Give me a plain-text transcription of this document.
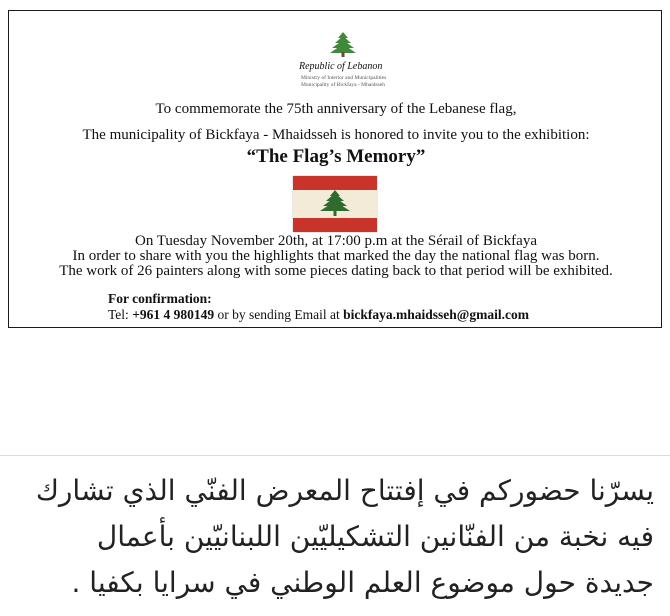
Republic of Lebanon
Ministry of Interior and Municipalities
Municipality of Bickfaya - Mhaidsseh

To commemorate the 75th anniversary of the Lebanese flag,

The municipality of Bickfaya - Mhaidsseh is honored to invite you to the exhibition:

“The Flag’s Memory”

On Tuesday November 20th, at 17:00 p.m at the Sérail of Bickfaya

In order to share with you the highlights that marked the day the national flag was born.

The work of 26 painters along with some pieces dating back to that period will be exhibited.

For confirmation:
Tel: +961 4 980149 or by sending Email at bickfaya.mhaidsseh@gmail.com

يسرّنا حضوركم في إفتتاح المعرض الفنّي الذي تشارك

فيه نخبة من الفنّانين التشكيليّين اللبنانيّين بأعمال

جديدة حول موضوع العلم الوطني في سرايا بكفيا .
